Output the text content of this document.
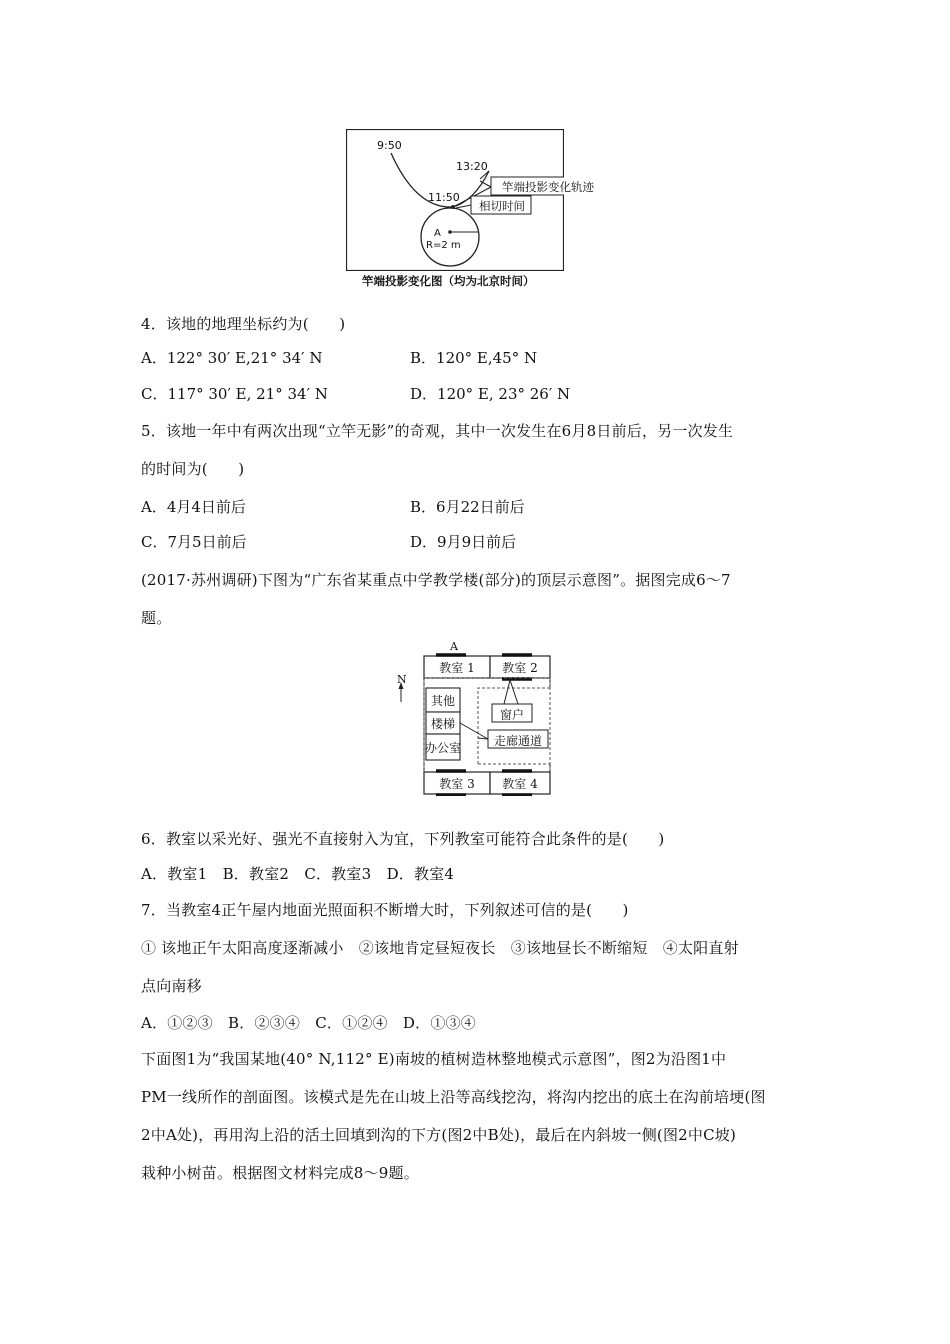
9:50
13:20
11:50
A
R=2 m
竿端投影变化轨迹
相切时间
竿端投影变化图（均为北京时间）
4．该地的地理坐标约为(　　)
A．122° 30′ E,21° 34′ N	B．120° E,45° N
C．117° 30′ E, 21° 34′ N	D．120° E, 23° 26′ N
5．该地一年中有两次出现“立竿无影”的奇观，其中一次发生在6月8日前后，另一次发生
的时间为(　　)
A．4月4日前后	B．6月22日前后
C．7月5日前后	D．9月9日前后
(2017·苏州调研)下图为“广东省某重点中学教学楼(部分)的顶层示意图”。据图完成6～7
题。
A
N
教室 1	教室 2
其他
楼梯
办公室
窗户
走廊通道
教室 3	教室 4
6．教室以采光好、强光不直接射入为宜，下列教室可能符合此条件的是(　　)
A．教室1　B．教室2　C．教室3　D．教室4
7．当教室4正午屋内地面光照面积不断增大时，下列叙述可信的是(　　)
① 该地正午太阳高度逐渐减小　②该地肯定昼短夜长　③该地昼长不断缩短　④太阳直射
点向南移
A．①②③　B．②③④　C．①②④　D．①③④
下面图1为“我国某地(40° N,112° E)南坡的植树造林整地模式示意图”，图2为沿图1中
PM一线所作的剖面图。该模式是先在山坡上沿等高线挖沟，将沟内挖出的底土在沟前培埂(图
2中A处)，再用沟上沿的活土回填到沟的下方(图2中B处)，最后在内斜坡一侧(图2中C坡)
栽种小树苗。根据图文材料完成8～9题。
